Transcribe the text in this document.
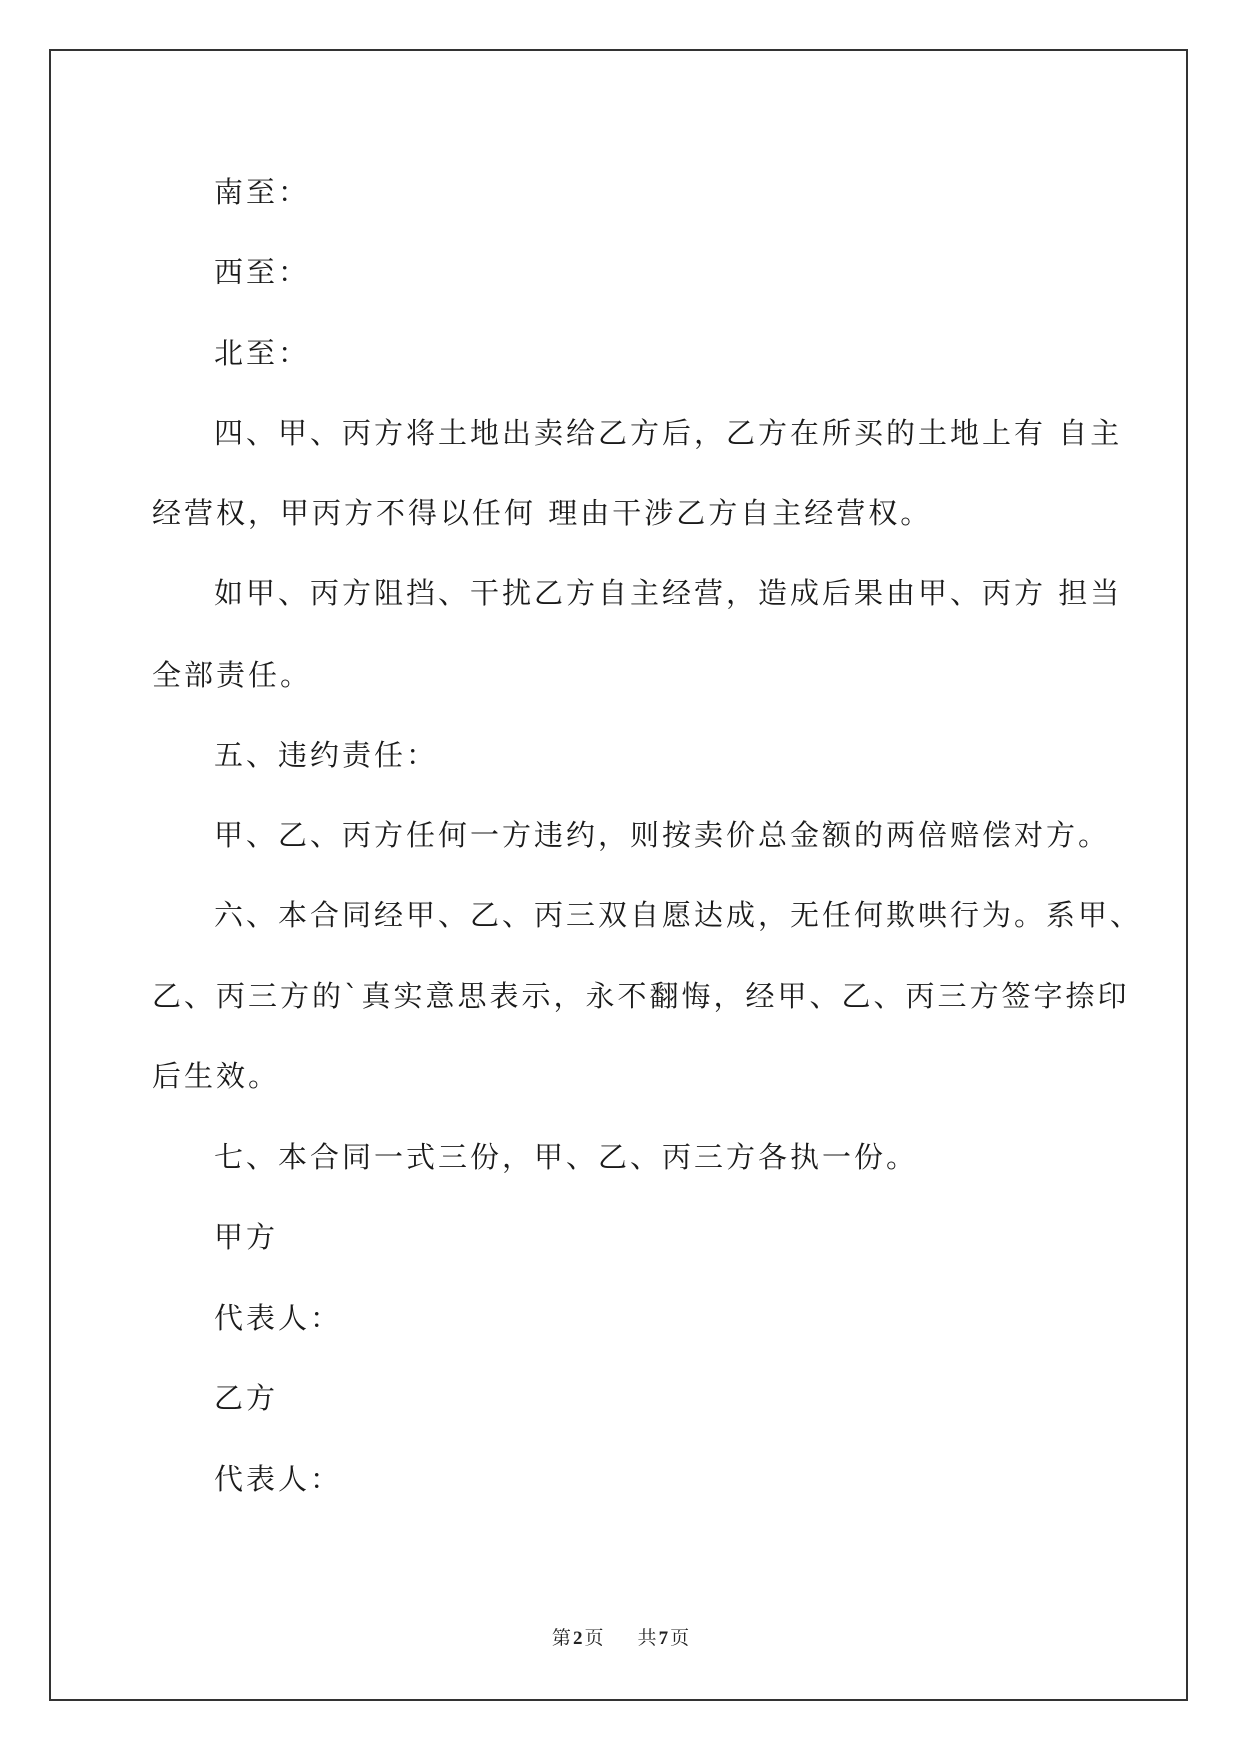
南至：
西至：
北至：
四、甲、丙方将土地出卖给乙方后，乙方在所买的土地上有 自主
经营权，甲丙方不得以任何 理由干涉乙方自主经营权。
如甲、丙方阻挡、干扰乙方自主经营，造成后果由甲、丙方 担当
全部责任。
五、违约责任：
甲、乙、丙方任何一方违约，则按卖价总金额的两倍赔偿对方。
六、本合同经甲、乙、丙三双自愿达成，无任何欺哄行为。系甲、
乙、丙三方的`真实意思表示，永不翻悔，经甲、乙、丙三方签字捺印
后生效。
七、本合同一式三份，甲、乙、丙三方各执一份。
甲方
代表人：
乙方
代表人：
第 2 页 共 7 页
